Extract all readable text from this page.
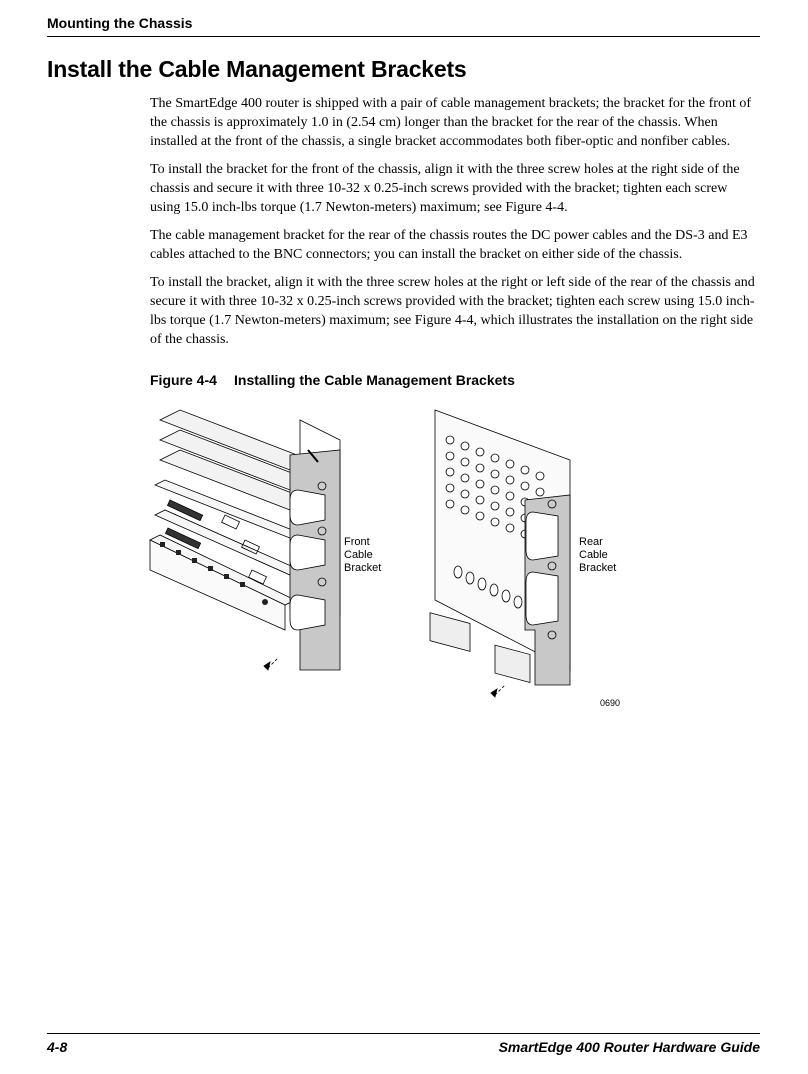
Mounting the Chassis
Install the Cable Management Brackets

The SmartEdge 400 router is shipped with a pair of cable management brackets; the bracket for the front of the chassis is approximately 1.0 in (2.54 cm) longer than the bracket for the rear of the chassis. When installed at the front of the chassis, a single bracket accommodates both fiber-optic and nonfiber cables.

To install the bracket for the front of the chassis, align it with the three screw holes at the right side of the chassis and secure it with three 10-32 x 0.25-inch screws provided with the bracket; tighten each screw using 15.0 inch-lbs torque (1.7 Newton-meters) maximum; see Figure 4-4.

The cable management bracket for the rear of the chassis routes the DC power cables and the DS-3 and E3 cables attached to the BNC connectors; you can install the bracket on either side of the chassis.

To install the bracket, align it with the three screw holes at the right or left side of the rear of the chassis and secure it with three 10-32 x 0.25-inch screws provided with the bracket; tighten each screw using 15.0 inch-lbs torque (1.7 Newton-meters) maximum; see Figure 4-4, which illustrates the installation on the right side of the chassis.

Figure 4-4 Installing the Cable Management Brackets
Front
Cable
Bracket
Rear
Cable
Bracket
0690
4-8	SmartEdge 400 Router Hardware Guide
